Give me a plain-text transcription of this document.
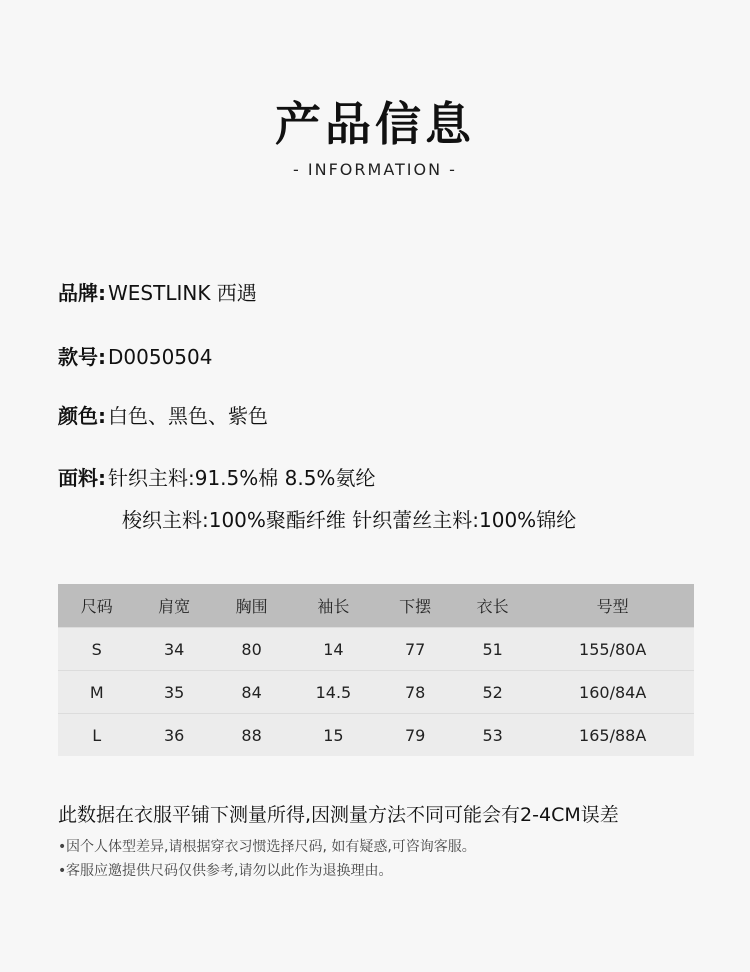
产品信息
- INFORMATION -
品牌: WESTLINK 西遇
款号: D0050504
颜色: 白色、黑色、紫色
面料: 针织主料:91.5%棉 8.5%氨纶
梭织主料:100%聚酯纤维 针织蕾丝主料:100%锦纶
尺码	肩宽	胸围	袖长	下摆	衣长	号型
S	34	80	14	77	51	155/80A
M	35	84	14.5	78	52	160/84A
L	36	88	15	79	53	165/88A
此数据在衣服平铺下测量所得,因测量方法不同可能会有2-4CM误差
•因个人体型差异,请根据穿衣习惯选择尺码, 如有疑惑,可咨询客服。
•客服应邀提供尺码仅供参考,请勿以此作为退换理由。
